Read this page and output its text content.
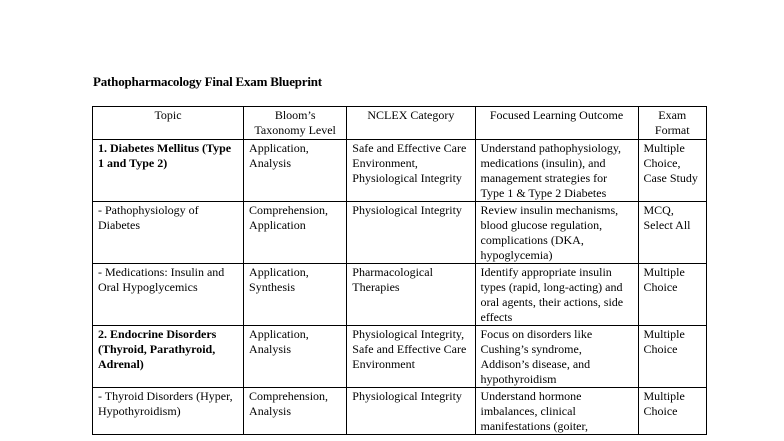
Pathopharmacology Final Exam Blueprint
Topic	Bloom’s Taxonomy Level	NCLEX Category	Focused Learning Outcome	Exam Format
1. Diabetes Mellitus (Type 1 and Type 2)	Application, Analysis	Safe and Effective Care Environment, Physiological Integrity	Understand pathophysiology, medications (insulin), and management strategies for Type 1 & Type 2 Diabetes	Multiple Choice, Case Study
- Pathophysiology of Diabetes	Comprehension, Application	Physiological Integrity	Review insulin mechanisms, blood glucose regulation, complications (DKA, hypoglycemia)	MCQ, Select All
- Medications: Insulin and Oral Hypoglycemics	Application, Synthesis	Pharmacological Therapies	Identify appropriate insulin types (rapid, long-acting) and oral agents, their actions, side effects	Multiple Choice
2. Endocrine Disorders (Thyroid, Parathyroid, Adrenal)	Application, Analysis	Physiological Integrity, Safe and Effective Care Environment	Focus on disorders like Cushing’s syndrome, Addison’s disease, and hypothyroidism	Multiple Choice
- Thyroid Disorders (Hyper, Hypothyroidism)	Comprehension, Analysis	Physiological Integrity	Understand hormone imbalances, clinical manifestations (goiter,	Multiple Choice
